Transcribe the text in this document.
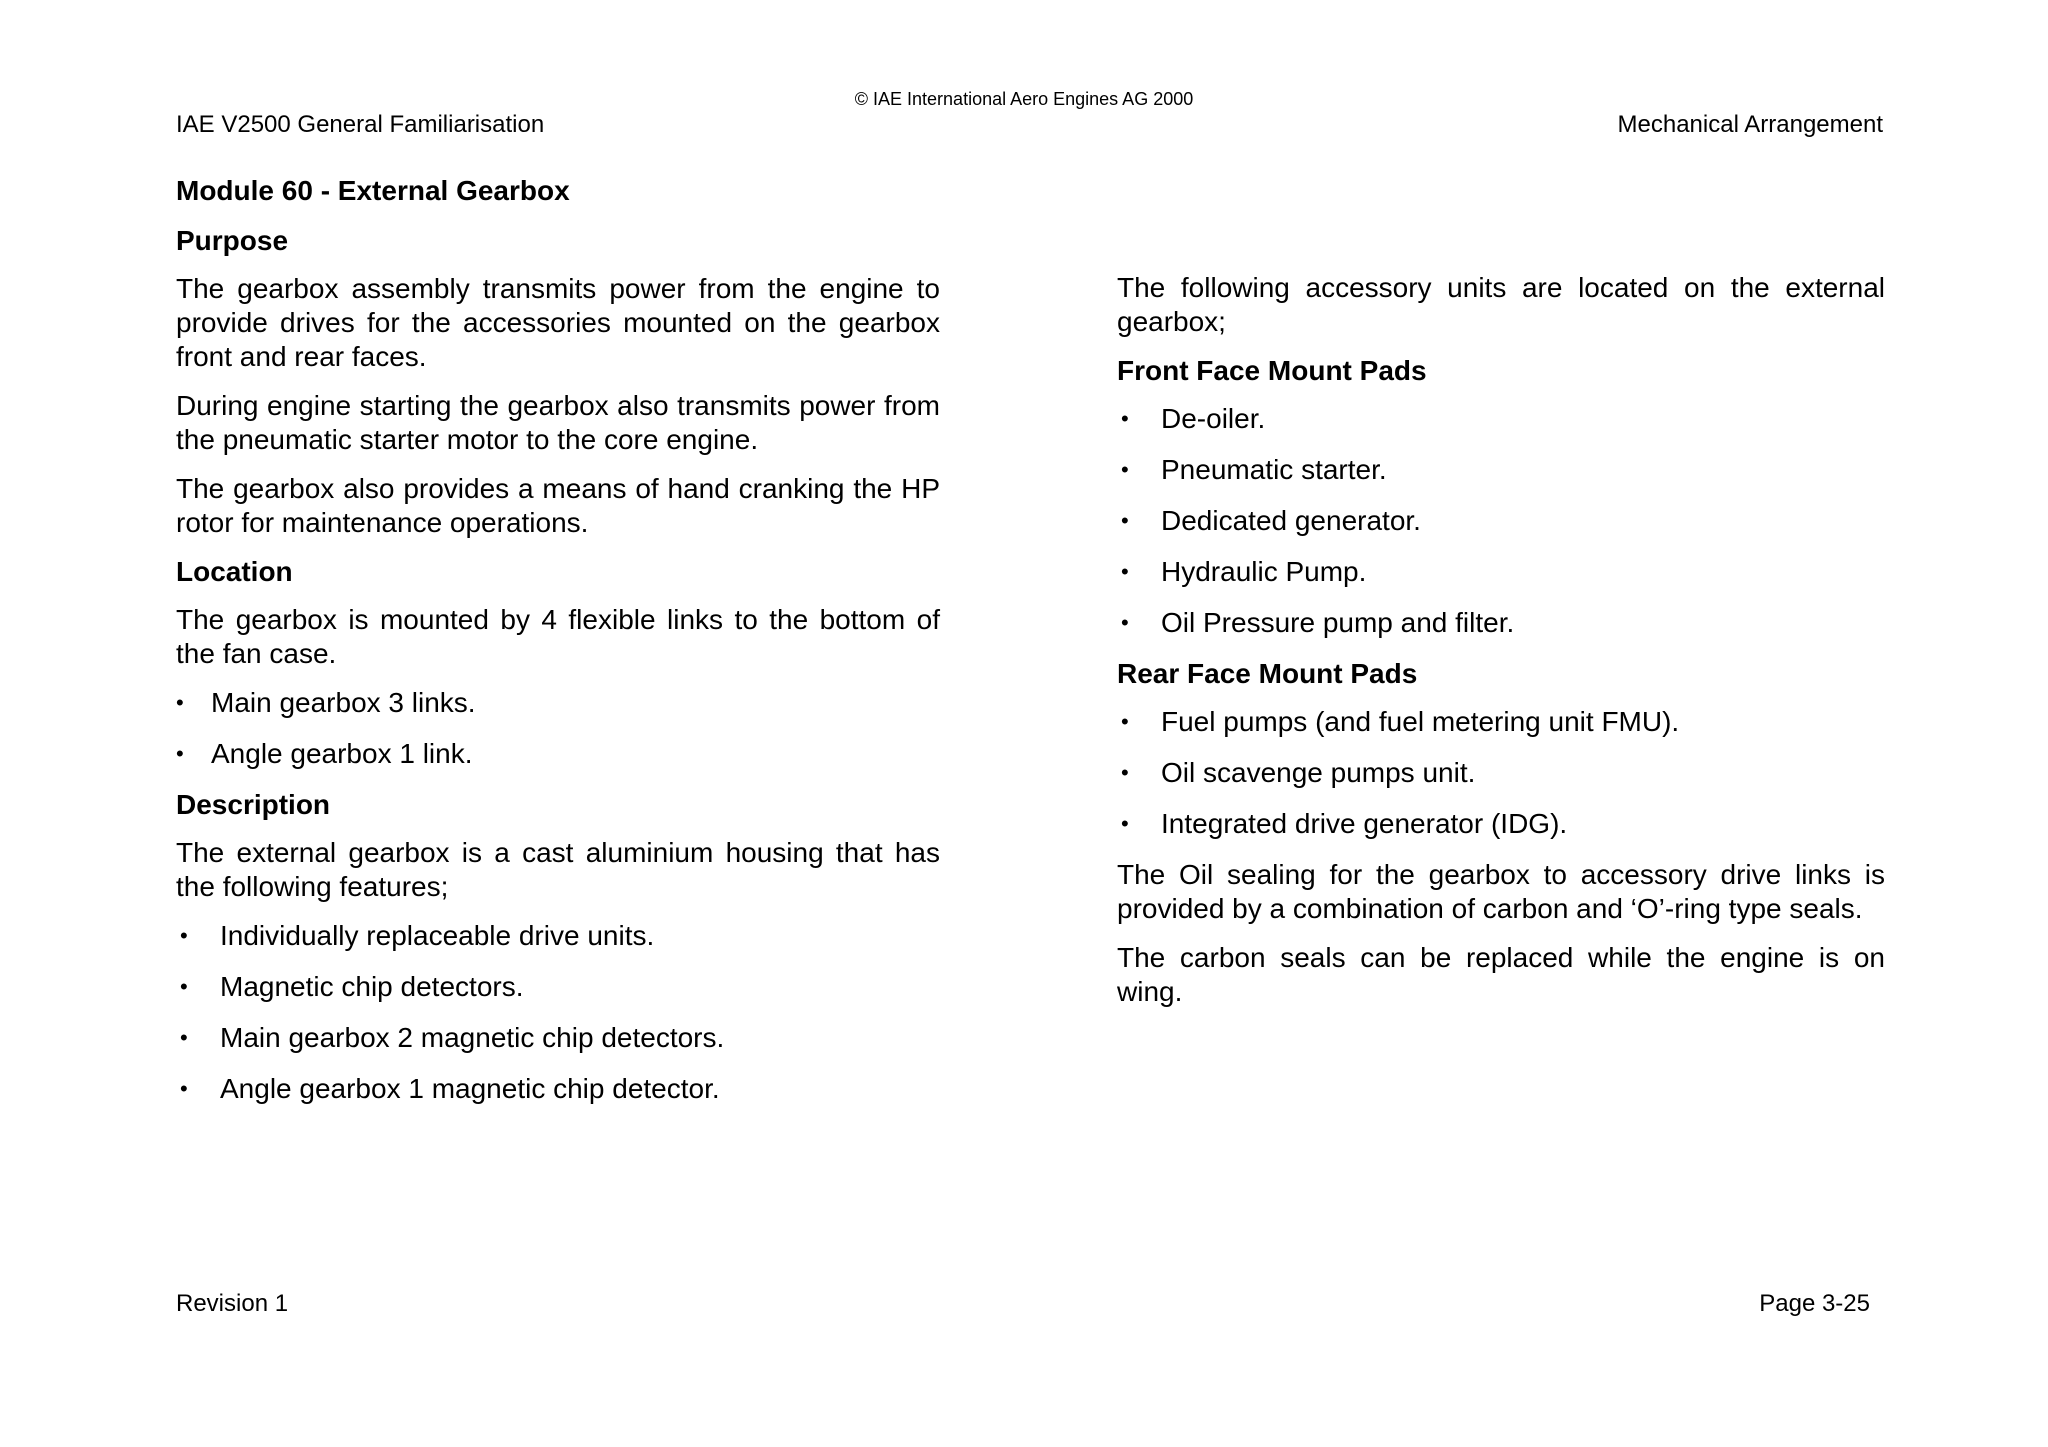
© IAE International Aero Engines AG 2000
IAE V2500 General Familiarisation	Mechanical Arrangement
Module 60 - External Gearbox
Purpose

The gearbox assembly transmits power from the engine to provide drives for the accessories mounted on the gearbox front and rear faces.

During engine starting the gearbox also transmits power from the pneumatic starter motor to the core engine.

The gearbox also provides a means of hand cranking the HP rotor for maintenance operations.

Location

The gearbox is mounted by 4 flexible links to the bottom of the fan case.

• Main gearbox 3 links.
• Angle gearbox 1 link.
Description

The external gearbox is a cast aluminium housing that has the following features;

• Individually replaceable drive units.
• Magnetic chip detectors.
• Main gearbox 2 magnetic chip detectors.
• Angle gearbox 1 magnetic chip detector.

The following accessory units are located on the external gearbox;

Front Face Mount Pads
• De-oiler.
• Pneumatic starter.
• Dedicated generator.
• Hydraulic Pump.
• Oil Pressure pump and filter.
Rear Face Mount Pads
• Fuel pumps (and fuel metering unit FMU).
• Oil scavenge pumps unit.
• Integrated drive generator (IDG).

The Oil sealing for the gearbox to accessory drive links is provided by a combination of carbon and ‘O’-ring type seals.

The carbon seals can be replaced while the engine is on wing.

Revision 1	Page 3-25
